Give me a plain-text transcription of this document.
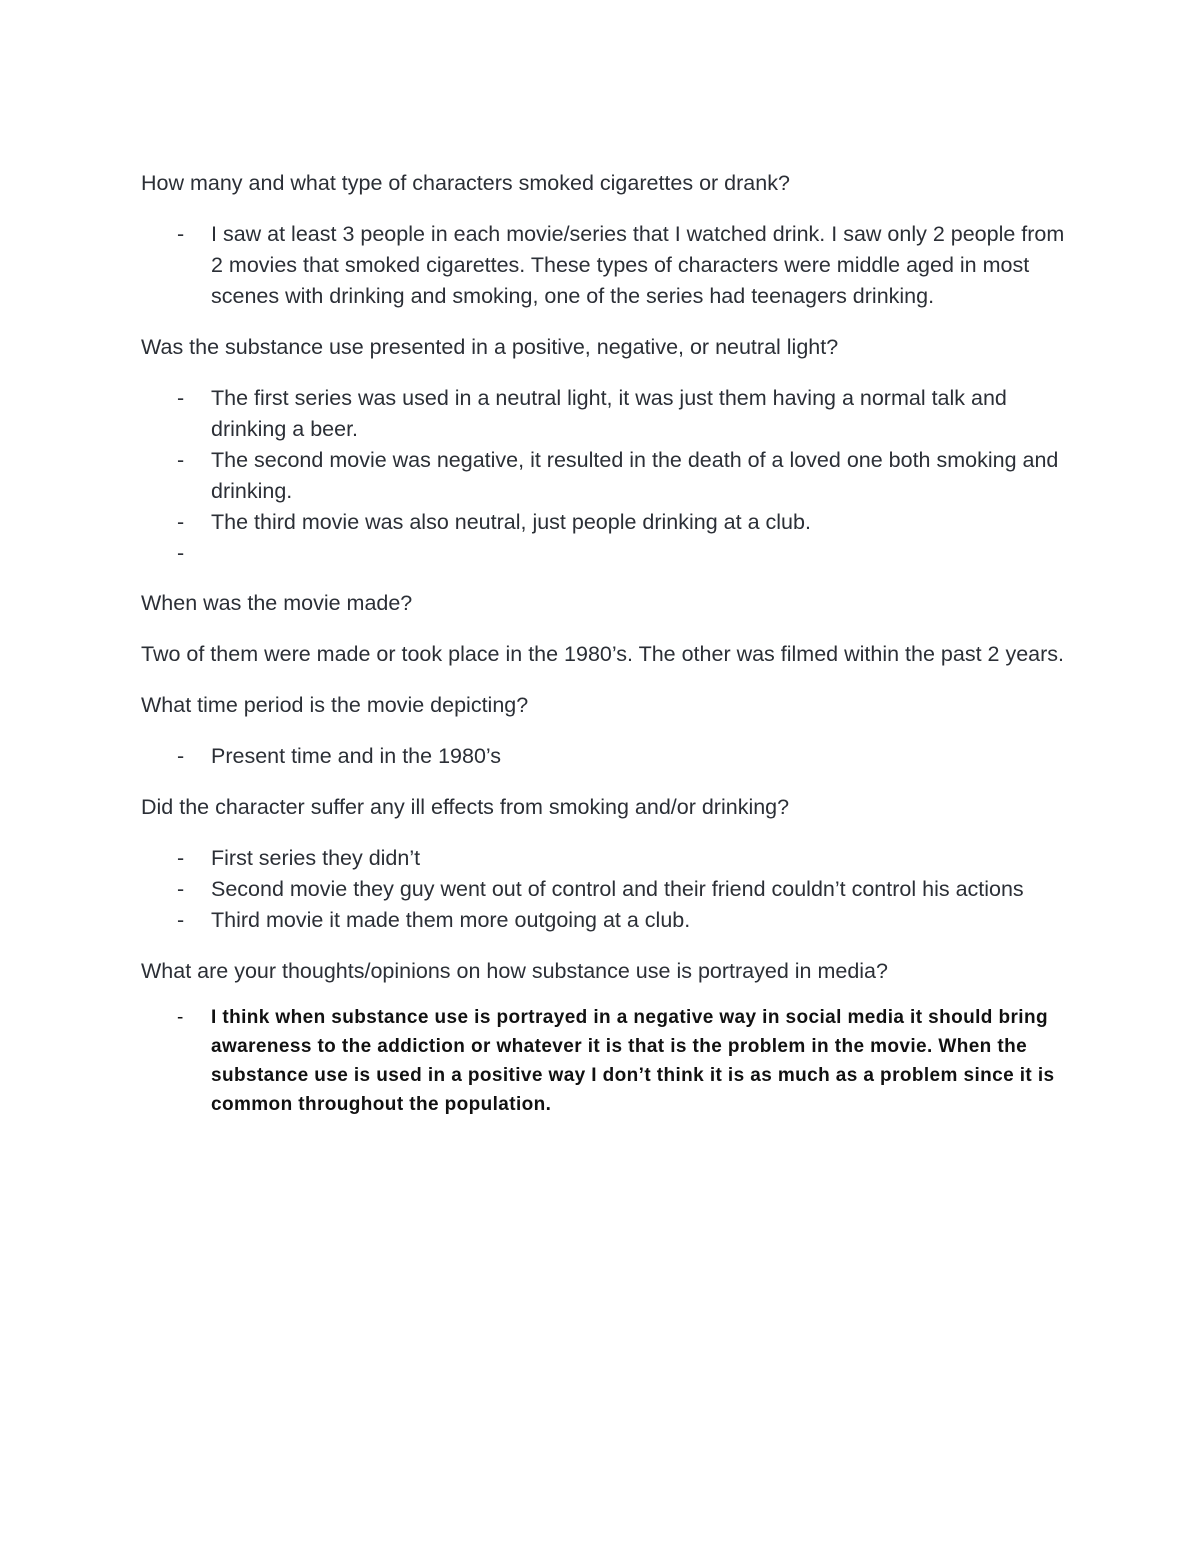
How many and what type of characters smoked cigarettes or drank?

- I saw at least 3 people in each movie/series that I watched drink. I saw only 2 people from 2 movies that smoked cigarettes. These types of characters were middle aged in most scenes with drinking and smoking, one of the series had teenagers drinking.

Was the substance use presented in a positive, negative, or neutral light?

- The first series was used in a neutral light, it was just them having a normal talk and drinking a beer.
- The second movie was negative, it resulted in the death of a loved one both smoking and drinking.
- The third movie was also neutral, just people drinking at a club.
-

When was the movie made?

Two of them were made or took place in the 1980’s. The other was filmed within the past 2 years.

What time period is the movie depicting?

- Present time and in the 1980’s

Did the character suffer any ill effects from smoking and/or drinking?

- First series they didn’t
- Second movie they guy went out of control and their friend couldn’t control his actions
- Third movie it made them more outgoing at a club.

What are your thoughts/opinions on how substance use is portrayed in media?

- I think when substance use is portrayed in a negative way in social media it should bring awareness to the addiction or whatever it is that is the problem in the movie. When the substance use is used in a positive way I don’t think it is as much as a problem since it is common throughout the population.
